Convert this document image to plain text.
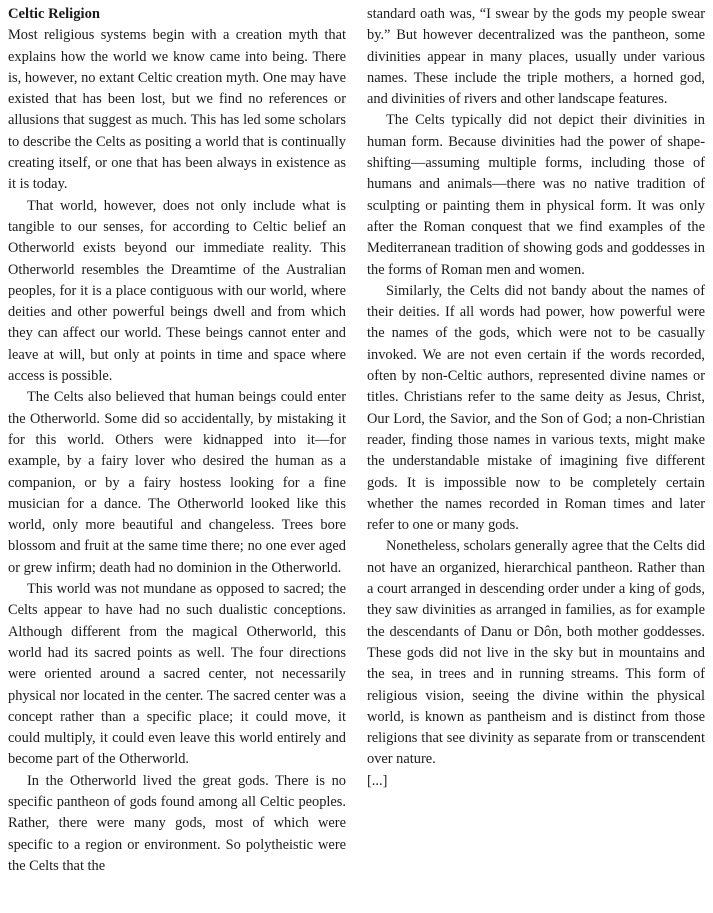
Celtic Religion

Most religious systems begin with a creation myth that explains how the world we know came into being. There is, however, no extant Celtic creation myth. One may have existed that has been lost, but we find no references or allusions that suggest as much. This has led some scholars to describe the Celts as positing a world that is continually creating itself, or one that has been always in existence as it is today.

That world, however, does not only include what is tangible to our senses, for according to Celtic belief an Otherworld exists beyond our immediate reality. This Otherworld resembles the Dreamtime of the Australian peoples, for it is a place contiguous with our world, where deities and other powerful beings dwell and from which they can affect our world. These beings cannot enter and leave at will, but only at points in time and space where access is possible.

The Celts also believed that human beings could enter the Otherworld. Some did so accidentally, by mistaking it for this world. Others were kidnapped into it—for example, by a fairy lover who desired the human as a companion, or by a fairy hostess looking for a fine musician for a dance. The Otherworld looked like this world, only more beautiful and changeless. Trees bore blossom and fruit at the same time there; no one ever aged or grew infirm; death had no dominion in the Otherworld.

This world was not mundane as opposed to sacred; the Celts appear to have had no such dualistic conceptions. Although different from the magical Otherworld, this world had its sacred points as well. The four directions were oriented around a sacred center, not necessarily physical nor located in the center. The sacred center was a concept rather than a specific place; it could move, it could multiply, it could even leave this world entirely and become part of the Otherworld.

In the Otherworld lived the great gods. There is no specific pantheon of gods found among all Celtic peoples. Rather, there were many gods, most of which were specific to a region or environment. So polytheistic were the Celts that the

standard oath was, “I swear by the gods my people swear by.” But however decentralized was the pantheon, some divinities appear in many places, usually under various names. These include the triple mothers, a horned god, and divinities of rivers and other landscape features.

The Celts typically did not depict their divinities in human form. Because divinities had the power of shape-shifting—assuming multiple forms, including those of humans and animals—there was no native tradition of sculpting or painting them in physical form. It was only after the Roman conquest that we find examples of the Mediterranean tradition of showing gods and goddesses in the forms of Roman men and women.

Similarly, the Celts did not bandy about the names of their deities. If all words had power, how powerful were the names of the gods, which were not to be casually invoked. We are not even certain if the words recorded, often by non-Celtic authors, represented divine names or titles. Christians refer to the same deity as Jesus, Christ, Our Lord, the Savior, and the Son of God; a non-Christian reader, finding those names in various texts, might make the understandable mistake of imagining five different gods. It is impossible now to be completely certain whether the names recorded in Roman times and later refer to one or many gods.

Nonetheless, scholars generally agree that the Celts did not have an organized, hierarchical pantheon. Rather than a court arranged in descending order under a king of gods, they saw divinities as arranged in families, as for example the descendants of Danu or Dôn, both mother goddesses. These gods did not live in the sky but in mountains and the sea, in trees and in running streams. This form of religious vision, seeing the divine within the physical world, is known as pantheism and is distinct from those religions that see divinity as separate from or transcendent over nature.

[...]
